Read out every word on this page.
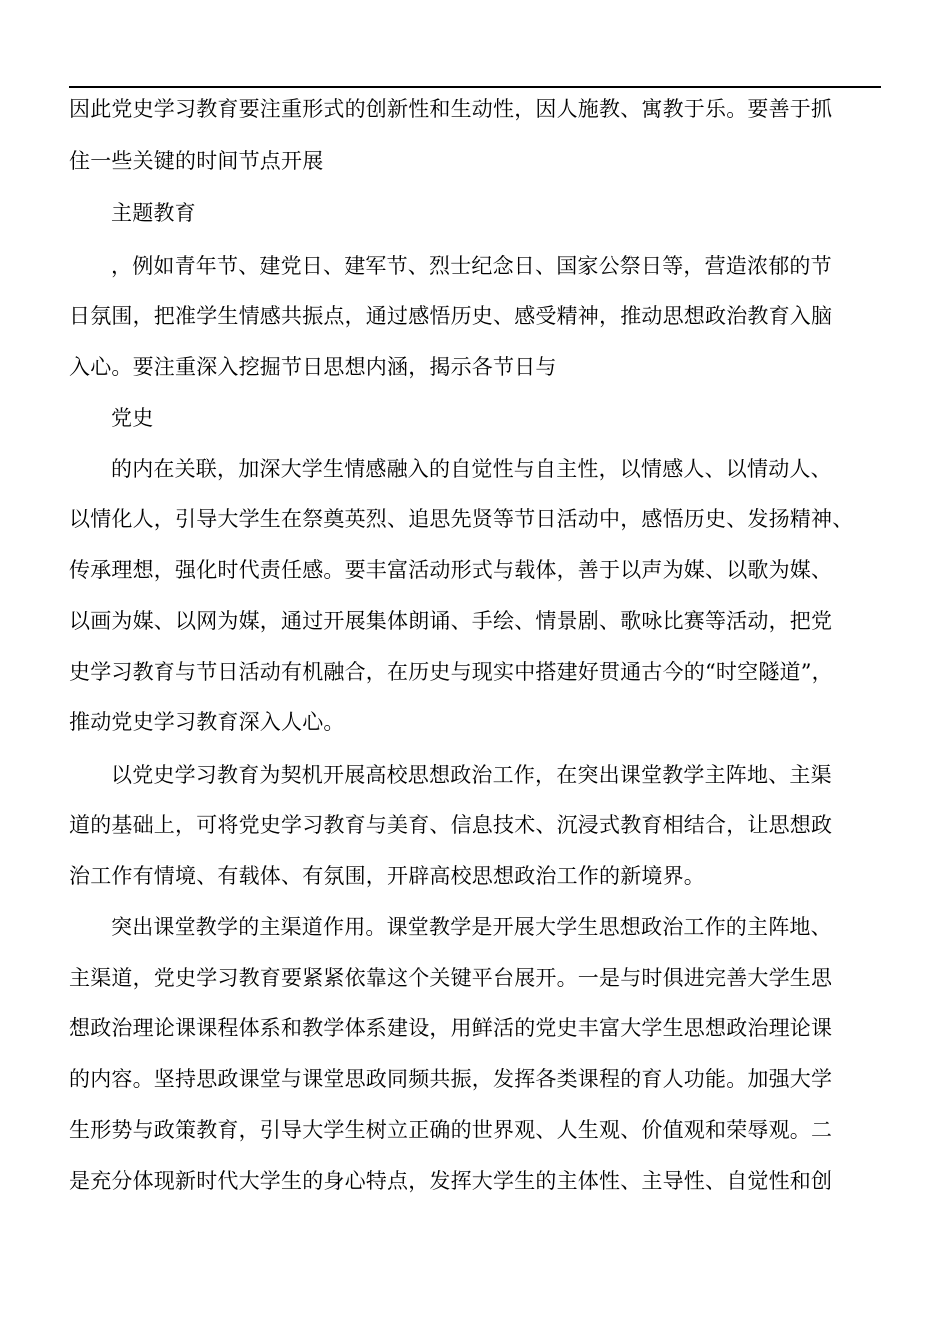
因此党史学习教育要注重形式的创新性和生动性，因人施教、寓教于乐。要善于抓
住一些关键的时间节点开展
主题教育
，例如青年节、建党日、建军节、烈士纪念日、国家公祭日等，营造浓郁的节
日氛围，把准学生情感共振点，通过感悟历史、感受精神，推动思想政治教育入脑
入心。要注重深入挖掘节日思想内涵，揭示各节日与
党史
的内在关联，加深大学生情感融入的自觉性与自主性，以情感人、以情动人、
以情化人，引导大学生在祭奠英烈、追思先贤等节日活动中，感悟历史、发扬精神、
传承理想，强化时代责任感。要丰富活动形式与载体，善于以声为媒、以歌为媒、
以画为媒、以网为媒，通过开展集体朗诵、手绘、情景剧、歌咏比赛等活动，把党
史学习教育与节日活动有机融合，在历史与现实中搭建好贯通古今的“时空隧道”，
推动党史学习教育深入人心。
以党史学习教育为契机开展高校思想政治工作，在突出课堂教学主阵地、主渠
道的基础上，可将党史学习教育与美育、信息技术、沉浸式教育相结合，让思想政
治工作有情境、有载体、有氛围，开辟高校思想政治工作的新境界。
突出课堂教学的主渠道作用。课堂教学是开展大学生思想政治工作的主阵地、
主渠道，党史学习教育要紧紧依靠这个关键平台展开。一是与时俱进完善大学生思
想政治理论课课程体系和教学体系建设，用鲜活的党史丰富大学生思想政治理论课
的内容。坚持思政课堂与课堂思政同频共振，发挥各类课程的育人功能。加强大学
生形势与政策教育，引导大学生树立正确的世界观、人生观、价值观和荣辱观。二
是充分体现新时代大学生的身心特点，发挥大学生的主体性、主导性、自觉性和创
